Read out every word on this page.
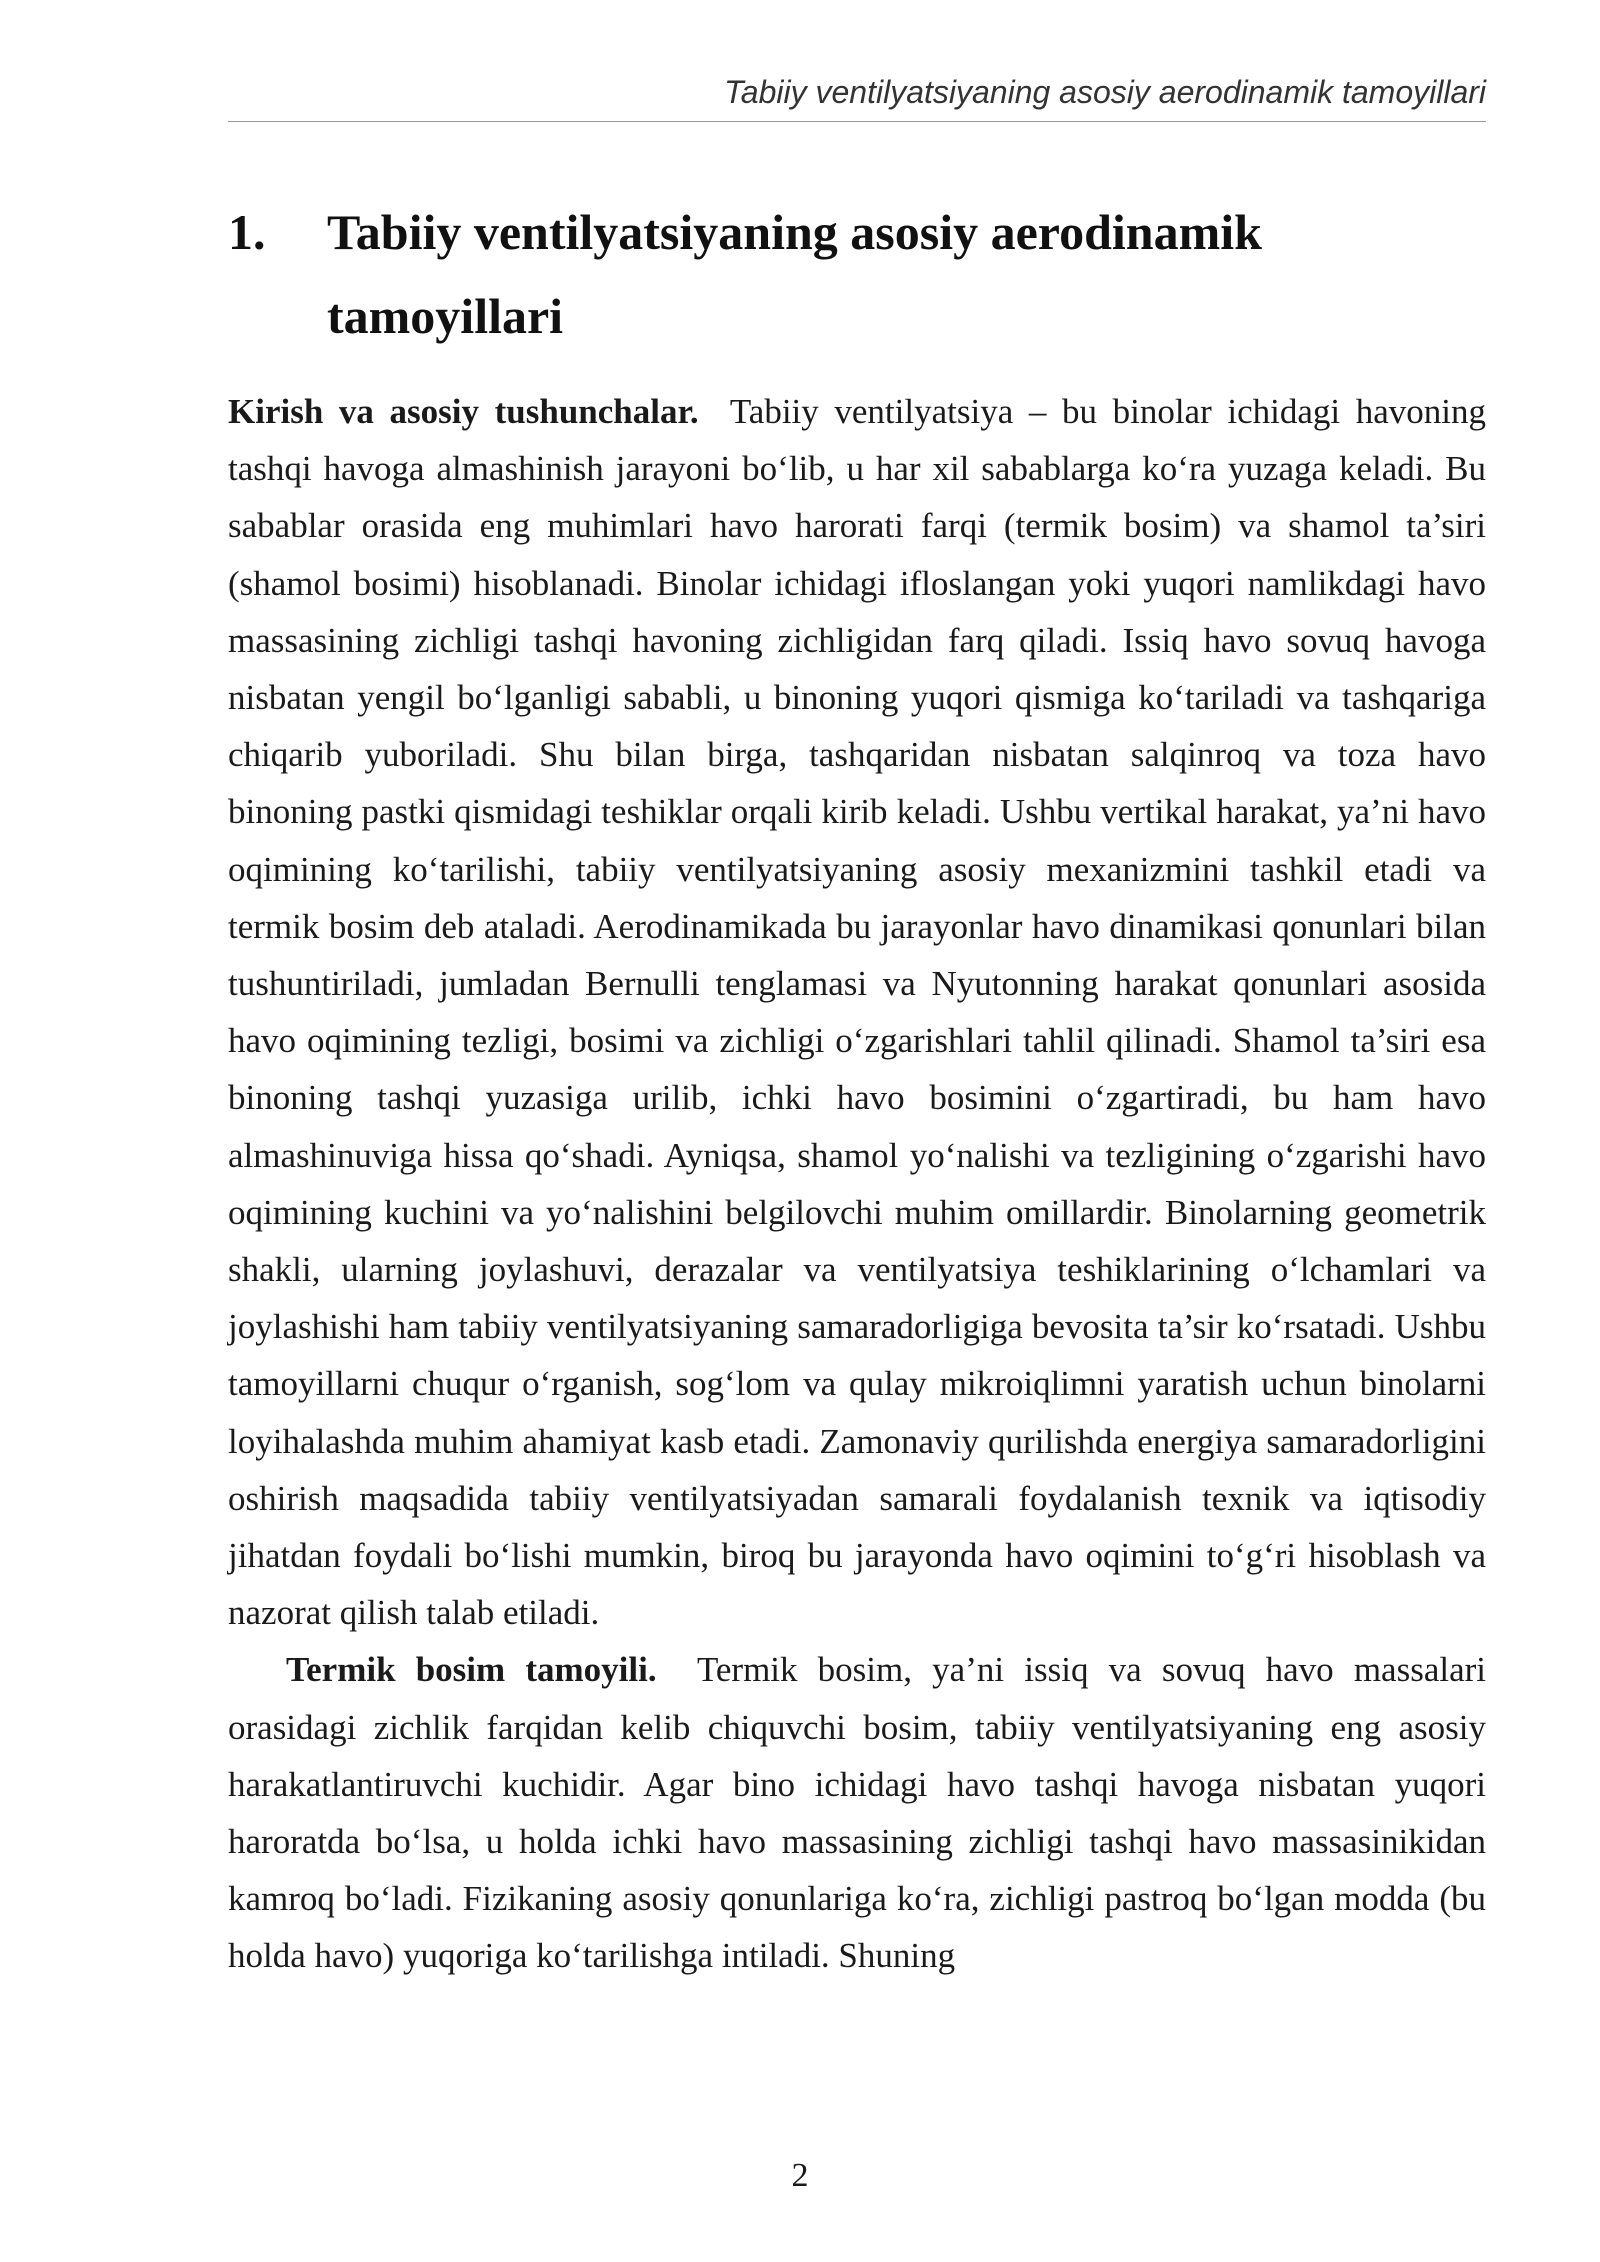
Tabiiy ventilyatsiyaning asosiy aerodinamik tamoyillari
1. Tabiiy ventilyatsiyaning asosiy aerodinamik tamoyillari

Kirish va asosiy tushunchalar. Tabiiy ventilyatsiya – bu binolar ichidagi havoning tashqi havoga almashinish jarayoni bo‘lib, u har xil sabablarga ko‘ra yuzaga keladi. Bu sabablar orasida eng muhimlari havo harorati farqi (termik bosim) va shamol ta’siri (shamol bosimi) hisoblanadi. Binolar ichidagi ifloslangan yoki yuqori namlikdagi havo massasining zichligi tashqi havoning zichligidan farq qiladi. Issiq havo sovuq havoga nisbatan yengil bo‘lganligi sababli, u binoning yuqori qismiga ko‘tariladi va tashqariga chiqarib yuboriladi. Shu bilan birga, tashqaridan nisbatan salqinroq va toza havo binoning pastki qismidagi teshiklar orqali kirib keladi. Ushbu vertikal harakat, ya’ni havo oqimining ko‘tarilishi, tabiiy ventilyatsiyaning asosiy mexanizmini tashkil etadi va termik bosim deb ataladi. Aerodinamikada bu jarayonlar havo dinamikasi qonunlari bilan tushuntiriladi, jumladan Bernulli tenglamasi va Nyutonning harakat qonunlari asosida havo oqimining tezligi, bosimi va zichligi o‘zgarishlari tahlil qilinadi. Shamol ta’siri esa binoning tashqi yuzasiga urilib, ichki havo bosimini o‘zgartiradi, bu ham havo almashinuviga hissa qo‘shadi. Ayniqsa, shamol yo‘nalishi va tezligining o‘zgarishi havo oqimining kuchini va yo‘nalishini belgilovchi muhim omillardir. Binolarning geometrik shakli, ularning joylashuvi, derazalar va ventilyatsiya teshiklarining o‘lchamlari va joylashishi ham tabiiy ventilyatsiyaning samaradorligiga bevosita ta’sir ko‘rsatadi. Ushbu tamoyillarni chuqur o‘rganish, sog‘lom va qulay mikroiqlimni yaratish uchun binolarni loyihalashda muhim ahamiyat kasb etadi. Zamonaviy qurilishda energiya samaradorligini oshirish maqsadida tabiiy ventilyatsiyadan samarali foydalanish texnik va iqtisodiy jihatdan foydali bo‘lishi mumkin, biroq bu jarayonda havo oqimini to‘g‘ri hisoblash va nazorat qilish talab etiladi.

Termik bosim tamoyili. Termik bosim, ya’ni issiq va sovuq havo massalari orasidagi zichlik farqidan kelib chiquvchi bosim, tabiiy ventilyatsiyaning eng asosiy harakatlantiruvchi kuchidir. Agar bino ichidagi havo tashqi havoga nisbatan yuqori haroratda bo‘lsa, u holda ichki havo massasining zichligi tashqi havo massasinikidan kamroq bo‘ladi. Fizikaning asosiy qonunlariga ko‘ra, zichligi pastroq bo‘lgan modda (bu holda havo) yuqoriga ko‘tarilishga intiladi. Shuning

2
